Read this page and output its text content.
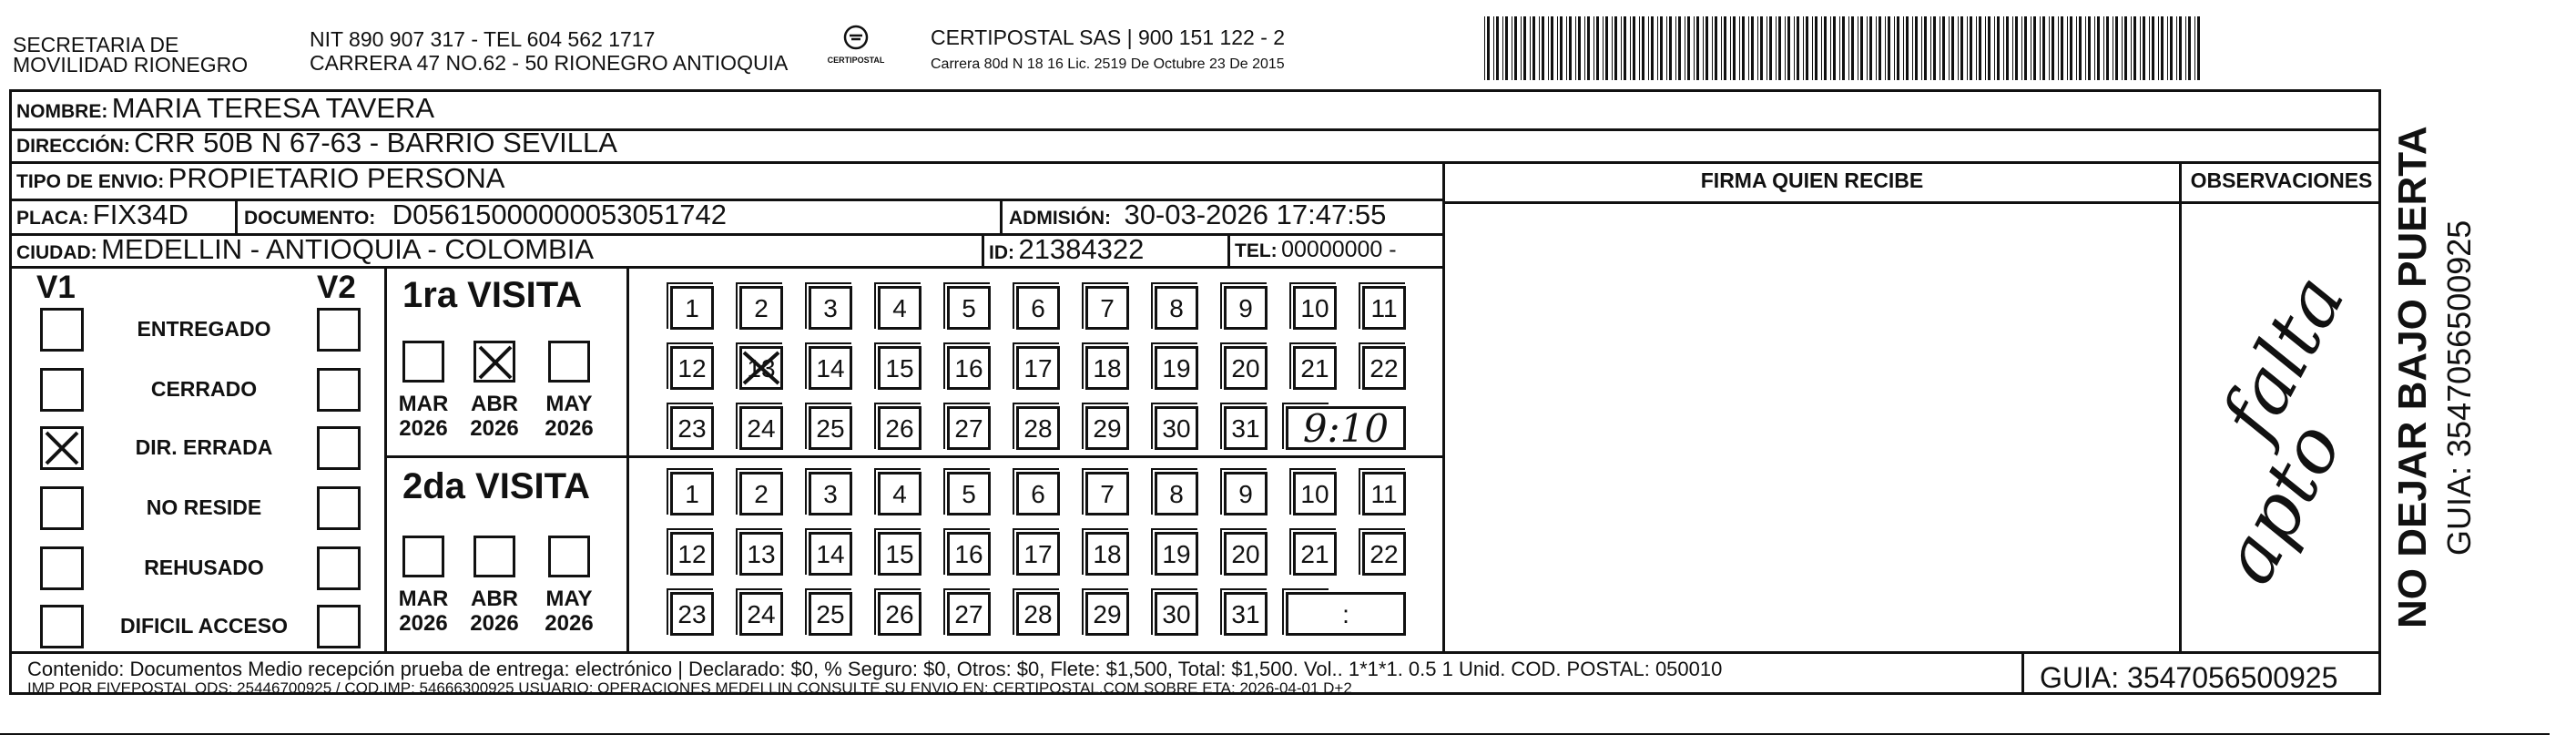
SECRETARIA DE
MOVILIDAD RIONEGRO
NIT 890 907 317 - TEL 604 562 1717
CARRERA 47 NO.62 - 50 RIONEGRO ANTIOQUIA	CERTIPOSTAL
CERTIPOSTAL SAS | 900 151 122 - 2
Carrera 80d N 18 16 Lic. 2519 De Octubre 23 De 2015
NOMBRE: MARIA TERESA TAVERA
DIRECCIÓN: CRR 50B N 67-63 - BARRIO SEVILLA
TIPO DE ENVIO: PROPIETARIO PERSONA
PLACA: FIX34D	DOCUMENTO: D05615000000053051742	ADMISIÓN: 30-03-2026 17:47:55
CIUDAD: MEDELLIN - ANTIOQUIA - COLOMBIA	ID: 21384322	TEL: 00000000 -
FIRMA QUIEN RECIBE	OBSERVACIONES
falta
apto
V1	V2
ENTREGADO
CERRADO
DIR. ERRADA
NO RESIDE
REHUSADO
DIFICIL ACCESO
1ra VISITA
2da VISITA
MAR
2026
ABR
2026
MAY
2026
MAR
2026
ABR
2026
MAY
2026
1	2	3	4	5	6	7	8	9	10	11
12	13	14	15	16	17	18	19	20	21	22
23	24	25	26	27	28	29	30	31
1	2	3	4	5	6	7	8	9	10	11
12	13	14	15	16	17	18	19	20	21	22
23	24	25	26	27	28	29	30	31
9:10
:
Contenido: Documentos Medio recepción prueba de entrega: electrónico | Declarado: $0, % Seguro: $0, Otros: $0, Flete: $1,500, Total: $1,500. Vol.. 1*1*1. 0.5 1 Unid. COD. POSTAL: 050010
IMP POR FIVEPOSTAL ODS: 25446700925 / COD.IMP: 54666300925 USUARIO: OPERACIONES MEDELLIN CONSULTE SU ENVIO EN: CERTIPOSTAL.COM SOBRE ETA: 2026-04-01 D+2	GUIA: 3547056500925
NO DEJAR BAJO PUERTA GUIA: 3547056500925
